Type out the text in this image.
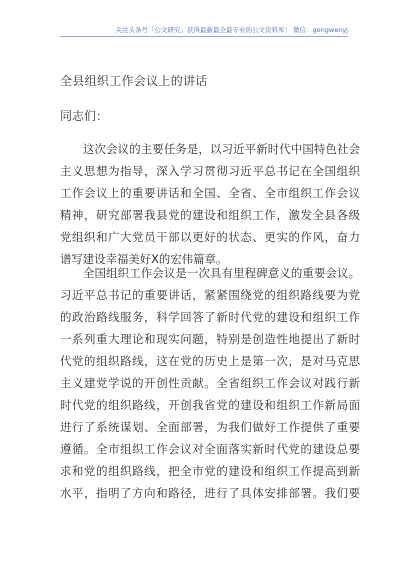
关注头条号「公文研究」获得最新最全最专业的公文资料库！ 微信：gongwenyj
全县组织工作会议上的讲话
同志们：
这次会议的主要任务是，以习近平新时代中国特色社会
主义思想为指导，深入学习贯彻习近平总书记在全国组织
工作会议上的重要讲话和全国、全省、全市组织工作会议
精神，研究部署我县党的建设和组织工作，激发全县各级
党组织和广大党员干部以更好的状态、更实的作风，奋力
谱写建设幸福美好X的宏伟篇章。
全国组织工作会议是一次具有里程碑意义的重要会议。
习近平总书记的重要讲话，紧紧围绕党的组织路线要为党
的政治路线服务，科学回答了新时代党的建设和组织工作
一系列重大理论和现实问题，特别是创造性地提出了新时
代党的组织路线，这在党的历史上是第一次，是对马克思
主义建党学说的开创性贡献。全省组织工作会议对践行新
时代党的组织路线，开创我省党的建设和组织工作新局面
进行了系统谋划、全面部署，为我们做好工作提供了重要
遵循。全市组织工作会议对全面落实新时代党的建设总要
求和党的组织路线，把全市党的建设和组织工作提高到新
水平，指明了方向和路径，进行了具体安排部署。我们要
